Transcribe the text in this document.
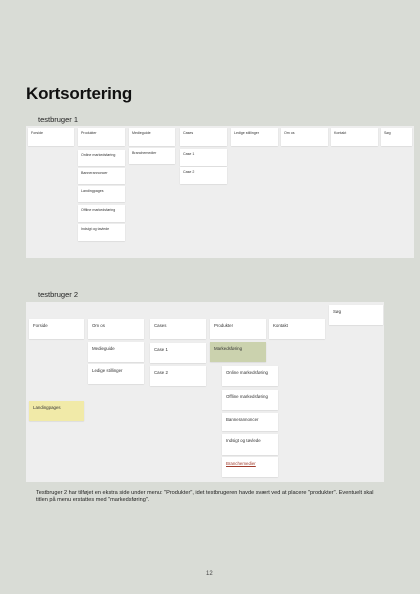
Kortsortering
testbruger 1
Forside	Produkter
Online markedsføring
Bannerannoncer
Landingpages
Offline markedsføring
Indsigt og tavlede
Medieguide
Branchemedier
Cases
Case 1
Case 2
Ledige stillinger	Om os	Kontakt	Søg
testbruger 2
Søg
Forside
Landingpages
Om os
Medieguide
Ledige stillinger
Cases
Case 1
Case 2
Produkter
Markedsføring
Online markedsføring
Offline markedsføring
Bannerannoncer
Indsigt og tøvlede
Branchemedier
Kontakt
Testbruger 2 har tilføjet en ekstra side under menu: "Produkter", idet testbrugeren havde svært ved at placere "produkter". Eventuelt skal titlen på menu erstattes med "markedsføring".
12
